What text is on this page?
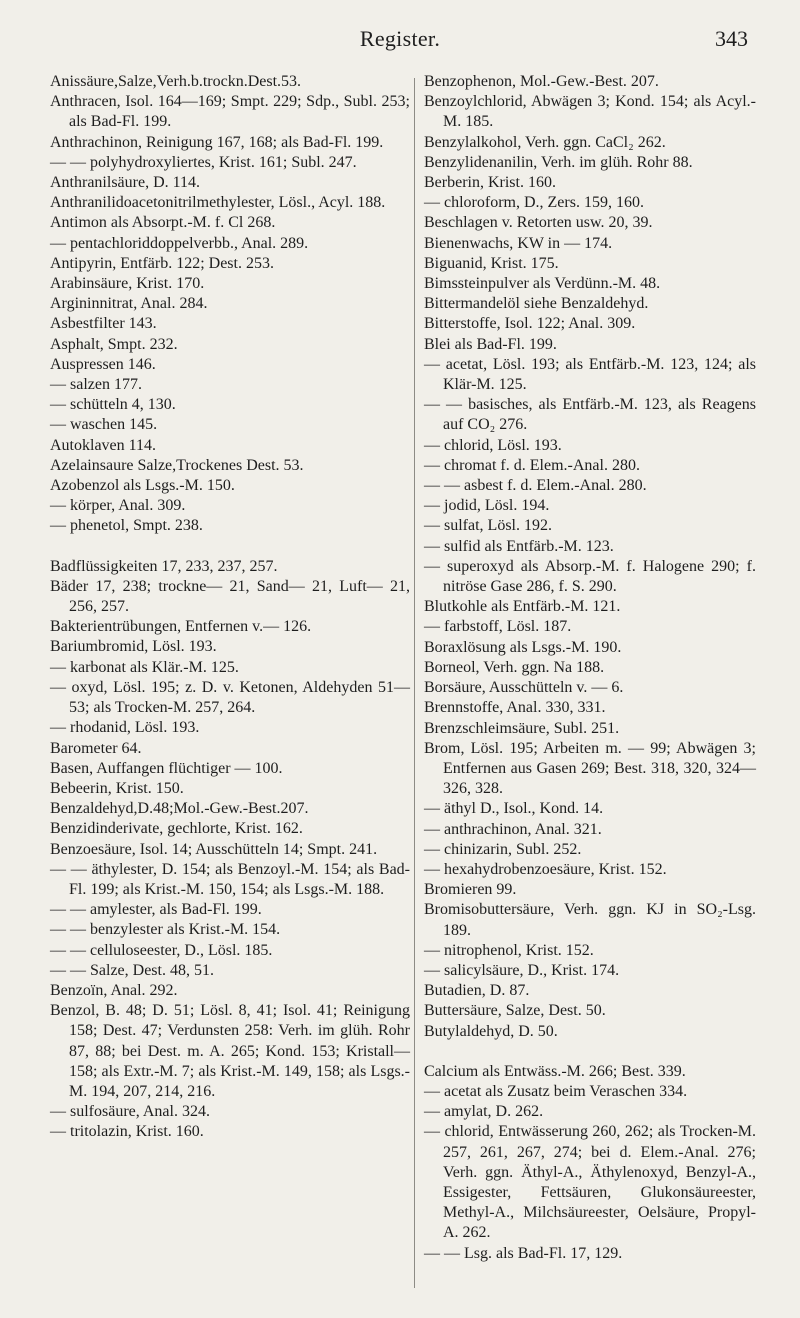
Register.	343
Anissäure,Salze,Verh.b.trockn.Dest.53.
Anthracen, Isol. 164—169; Smpt. 229; Sdp., Subl. 253; als Bad-Fl. 199.
Anthrachinon, Reinigung 167, 168; als Bad-Fl. 199.
— — polyhydroxyliertes, Krist. 161; Subl. 247.
Anthranilsäure, D. 114.
Anthranilidoacetonitrilmethylester, Lösl., Acyl. 188.
Antimon als Absorpt.-M. f. Cl 268.
— pentachloriddoppelverbb., Anal. 289.
Antipyrin, Entfärb. 122; Dest. 253.
Arabinsäure, Krist. 170.
Argininnitrat, Anal. 284.
Asbestfilter 143.
Asphalt, Smpt. 232.
Auspressen 146.
— salzen 177.
— schütteln 4, 130.
— waschen 145.
Autoklaven 114.
Azelainsaure Salze,Trockenes Dest. 53.
Azobenzol als Lsgs.-M. 150.
— körper, Anal. 309.
— phenetol, Smpt. 238.
Badflüssigkeiten 17, 233, 237, 257.
Bäder 17, 238; trockne— 21, Sand— 21, Luft— 21, 256, 257.
Bakterientrübungen, Entfernen v.— 126.
Bariumbromid, Lösl. 193.
— karbonat als Klär.-M. 125.
— oxyd, Lösl. 195; z. D. v. Ketonen, Aldehyden 51—53; als Trocken-M. 257, 264.
— rhodanid, Lösl. 193.
Barometer 64.
Basen, Auffangen flüchtiger — 100.
Bebeerin, Krist. 150.
Benzaldehyd,D.48;Mol.-Gew.-Best.207.
Benzidinderivate, gechlorte, Krist. 162.
Benzoesäure, Isol. 14; Ausschütteln 14; Smpt. 241.
— — äthylester, D. 154; als Benzoyl.-M. 154; als Bad-Fl. 199; als Krist.-M. 150, 154; als Lsgs.-M. 188.
— — amylester, als Bad-Fl. 199.
— — benzylester als Krist.-M. 154.
— — celluloseester, D., Lösl. 185.
— — Salze, Dest. 48, 51.
Benzoïn, Anal. 292.
Benzol, B. 48; D. 51; Lösl. 8, 41; Isol. 41; Reinigung 158; Dest. 47; Verdunsten 258: Verh. im glüh. Rohr 87, 88; bei Dest. m. A. 265; Kond. 153; Kristall— 158; als Extr.-M. 7; als Krist.-M. 149, 158; als Lsgs.-M. 194, 207, 214, 216.
— sulfosäure, Anal. 324.
— tritolazin, Krist. 160.
Benzophenon, Mol.-Gew.-Best. 207.
Benzoylchlorid, Abwägen 3; Kond. 154; als Acyl.-M. 185.
Benzylalkohol, Verh. ggn. CaCl₂ 262.
Benzylidenanilin, Verh. im glüh. Rohr 88.
Berberin, Krist. 160.
— chloroform, D., Zers. 159, 160.
Beschlagen v. Retorten usw. 20, 39.
Bienenwachs, KW in — 174.
Biguanid, Krist. 175.
Bimssteinpulver als Verdünn.-M. 48.
Bittermandelöl siehe Benzaldehyd.
Bitterstoffe, Isol. 122; Anal. 309.
Blei als Bad-Fl. 199.
— acetat, Lösl. 193; als Entfärb.-M. 123, 124; als Klär-M. 125.
— — basisches, als Entfärb.-M. 123, als Reagens auf CO₂ 276.
— chlorid, Lösl. 193.
— chromat f. d. Elem.-Anal. 280.
— — asbest f. d. Elem.-Anal. 280.
— jodid, Lösl. 194.
— sulfat, Lösl. 192.
— sulfid als Entfärb.-M. 123.
— superoxyd als Absorp.-M. f. Halogene 290; f. nitröse Gase 286, f. S. 290.
Blutkohle als Entfärb.-M. 121.
— farbstoff, Lösl. 187.
Boraxlösung als Lsgs.-M. 190.
Borneol, Verh. ggn. Na 188.
Borsäure, Ausschütteln v. — 6.
Brennstoffe, Anal. 330, 331.
Brenzschleimsäure, Subl. 251.
Brom, Lösl. 195; Arbeiten m. — 99; Abwägen 3; Entfernen aus Gasen 269; Best. 318, 320, 324—326, 328.
— äthyl D., Isol., Kond. 14.
— anthrachinon, Anal. 321.
— chinizarin, Subl. 252.
— hexahydrobenzoesäure, Krist. 152.
Bromieren 99.
Bromisobuttersäure, Verh. ggn. KJ in SO₂-Lsg. 189.
— nitrophenol, Krist. 152.
— salicylsäure, D., Krist. 174.
Butadien, D. 87.
Buttersäure, Salze, Dest. 50.
Butylaldehyd, D. 50.
Calcium als Entwäss.-M. 266; Best. 339.
— acetat als Zusatz beim Veraschen 334.
— amylat, D. 262.
— chlorid, Entwässerung 260, 262; als Trocken-M. 257, 261, 267, 274; bei d. Elem.-Anal. 276; Verh. ggn. Äthyl-A., Äthylenoxyd, Benzyl-A., Essigester, Fettsäuren, Glukonsäureester, Methyl-A., Milchsäureester, Oelsäure, Propyl-A. 262.
— — Lsg. als Bad-Fl. 17, 129.
